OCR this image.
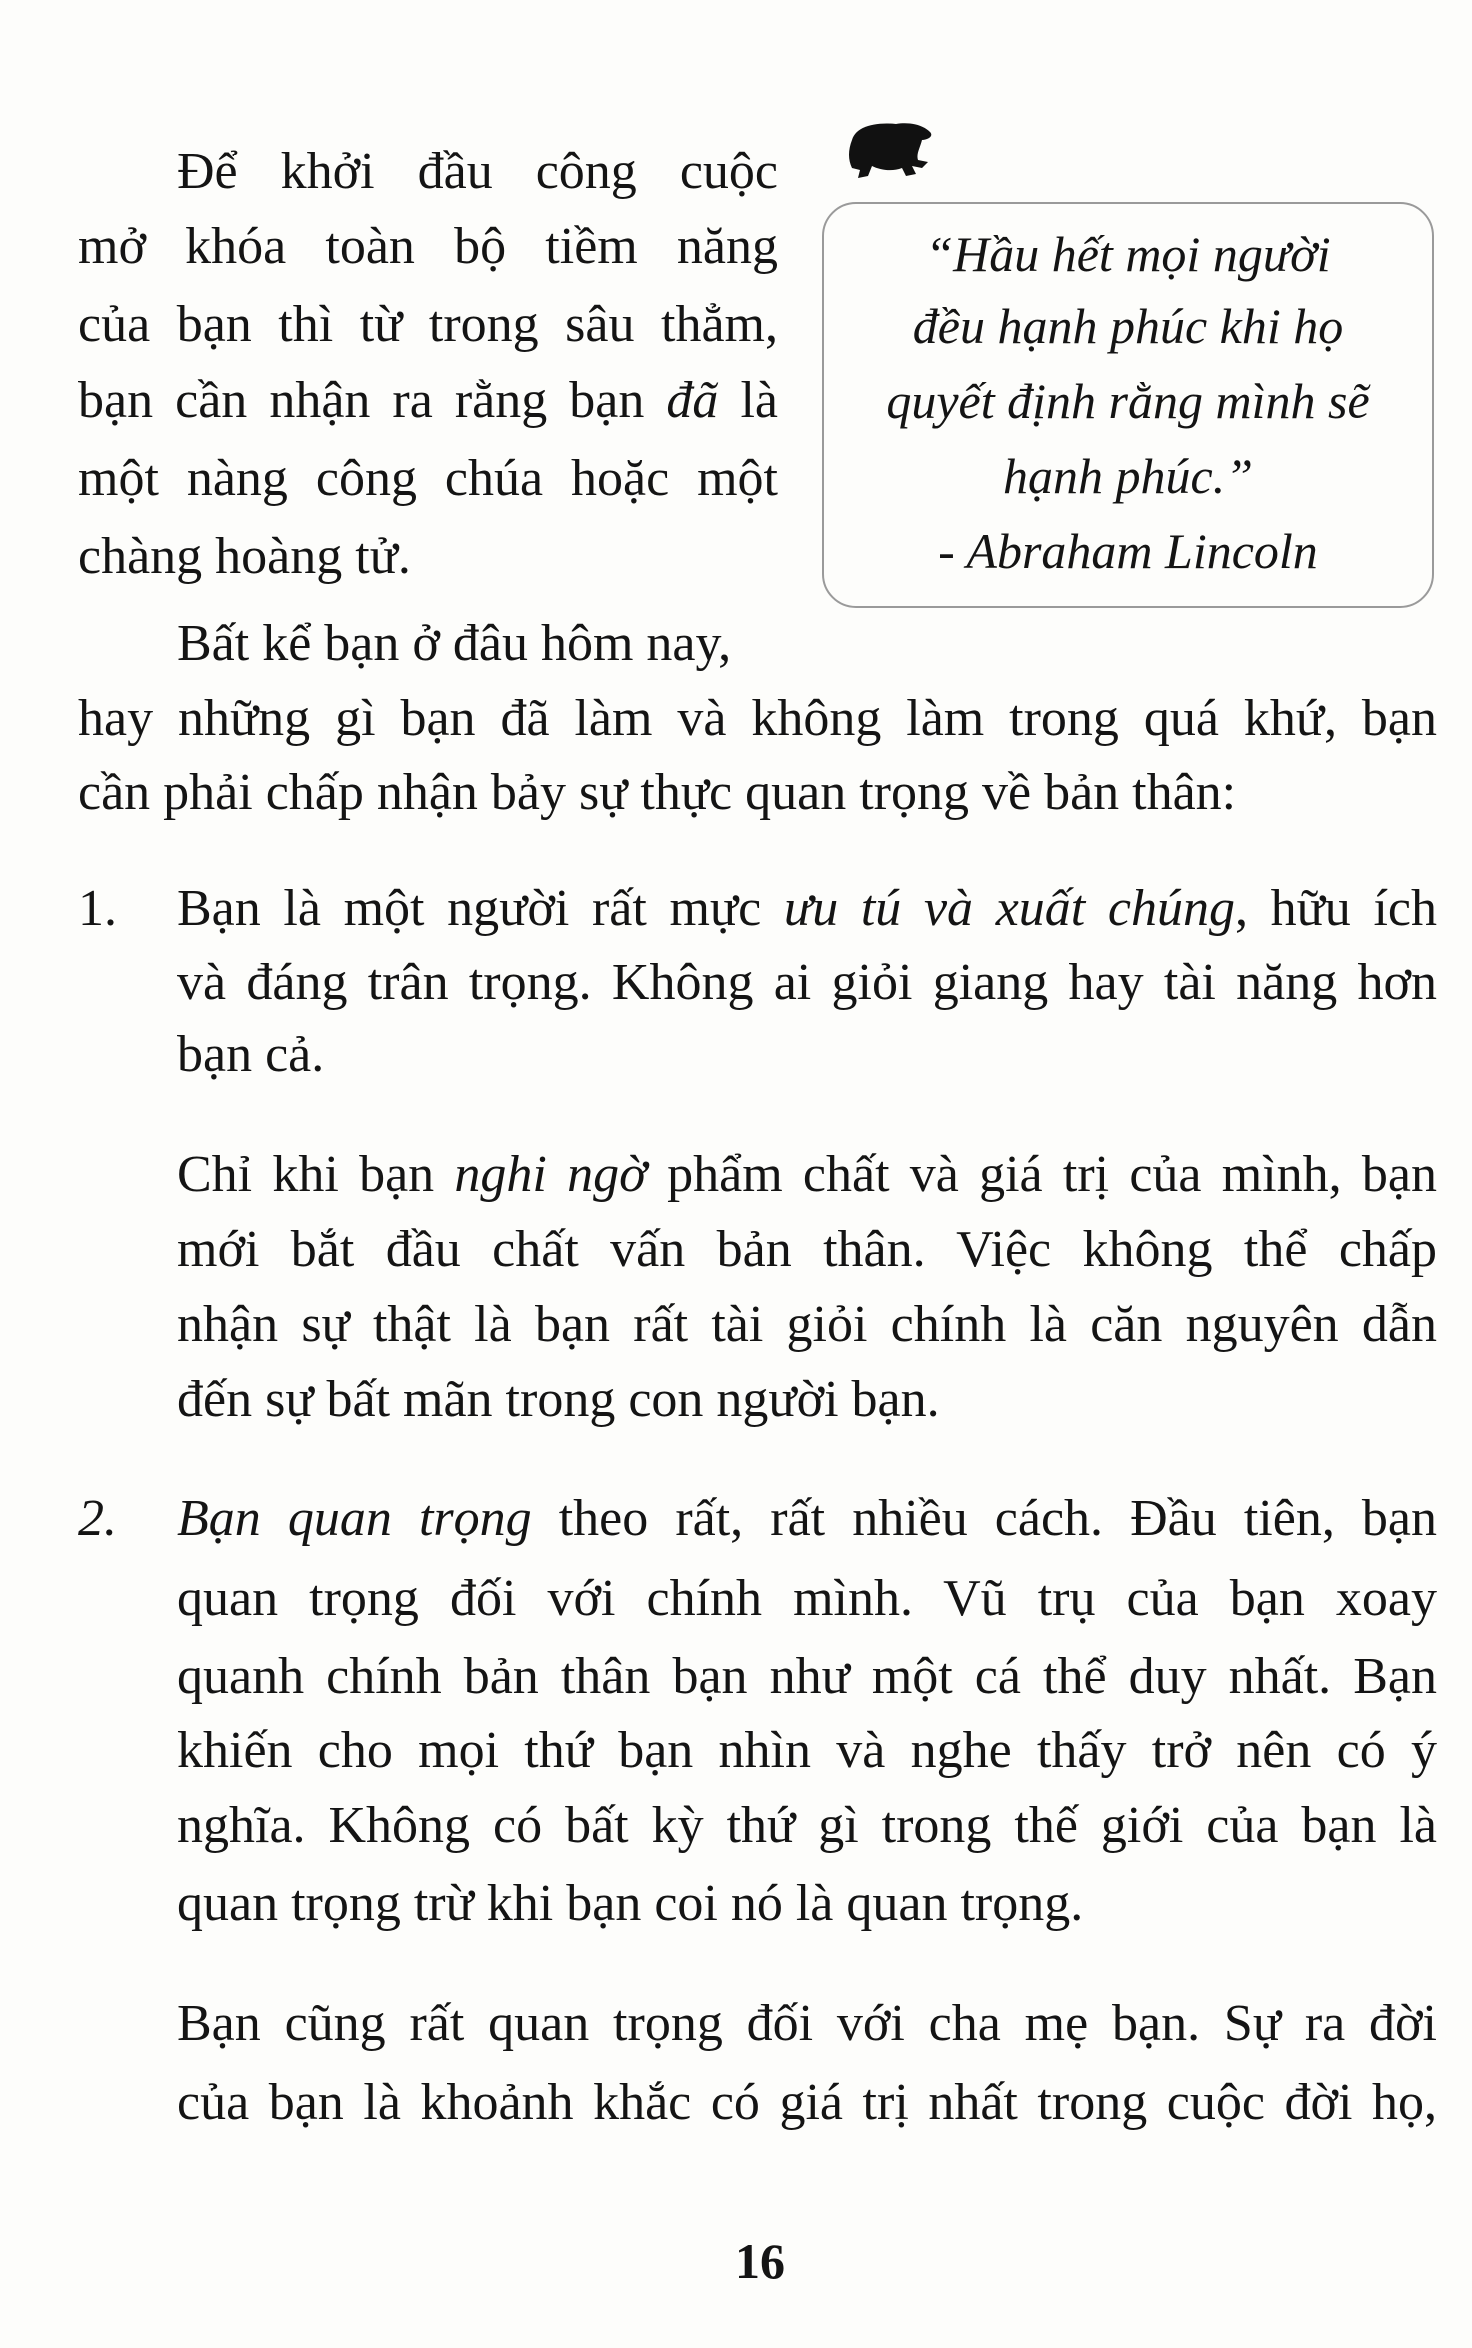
“Hầu hết mọi người
đều hạnh phúc khi họ
quyết định rằng mình sẽ
hạnh phúc.”
- Abraham Lincoln
1.
2.
Để khởi đầu công cuộc
mở khóa toàn bộ tiềm năng
của bạn thì từ trong sâu thẳm,
bạn cần nhận ra rằng bạn đã là
một nàng công chúa hoặc một
chàng hoàng tử.
Bất kể bạn ở đâu hôm nay,
hay những gì bạn đã làm và không làm trong quá khứ, bạn
cần phải chấp nhận bảy sự thực quan trọng về bản thân:
Bạn là một người rất mực ưu tú và xuất chúng, hữu ích
và đáng trân trọng. Không ai giỏi giang hay tài năng hơn
bạn cả.
Chỉ khi bạn nghi ngờ phẩm chất và giá trị của mình, bạn
mới bắt đầu chất vấn bản thân. Việc không thể chấp
nhận sự thật là bạn rất tài giỏi chính là căn nguyên dẫn
đến sự bất mãn trong con người bạn.
Bạn quan trọng theo rất, rất nhiều cách. Đầu tiên, bạn
quan trọng đối với chính mình. Vũ trụ của bạn xoay
quanh chính bản thân bạn như một cá thể duy nhất. Bạn
khiến cho mọi thứ bạn nhìn và nghe thấy trở nên có ý
nghĩa. Không có bất kỳ thứ gì trong thế giới của bạn là
quan trọng trừ khi bạn coi nó là quan trọng.
Bạn cũng rất quan trọng đối với cha mẹ bạn. Sự ra đời
của bạn là khoảnh khắc có giá trị nhất trong cuộc đời họ,
16
